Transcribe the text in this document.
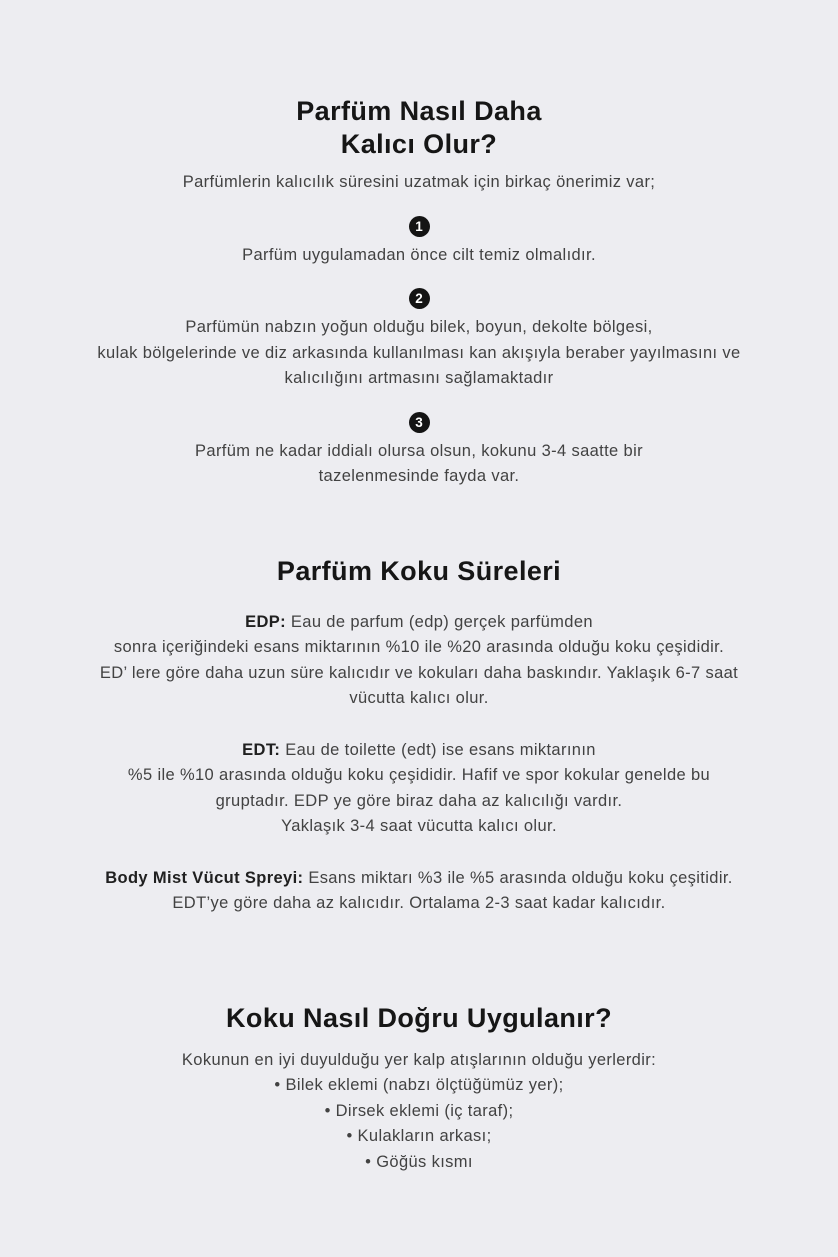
Parfüm Nasıl Daha
Kalıcı Olur?

Parfümlerin kalıcılık süresini uzatmak için birkaç önerimiz var;

1
Parfüm uygulamadan önce cilt temiz olmalıdır.
2
Parfümün nabzın yoğun olduğu bilek, boyun, dekolte bölgesi,
kulak bölgelerinde ve diz arkasında kullanılması kan akışıyla beraber yayılmasını ve
kalıcılığını artmasını sağlamaktadır
3
Parfüm ne kadar iddialı olursa olsun, kokunu 3-4 saatte bir
tazelenmesinde fayda var.
Parfüm Koku Süreleri

EDP: Eau de parfum (edp) gerçek parfümden
sonra içeriğindeki esans miktarının %10 ile %20 arasında olduğu koku çeşididir.
ED’ lere göre daha uzun süre kalıcıdır ve kokuları daha baskındır. Yaklaşık 6-7 saat
vücutta kalıcı olur.

EDT: Eau de toilette (edt) ise esans miktarının
%5 ile %10 arasında olduğu koku çeşididir. Hafif ve spor kokular genelde bu
gruptadır. EDP ye göre biraz daha az kalıcılığı vardır.
Yaklaşık 3-4 saat vücutta kalıcı olur.

Body Mist Vücut Spreyi: Esans miktarı %3 ile %5 arasında olduğu koku çeşitidir.
EDT’ye göre daha az kalıcıdır. Ortalama 2-3 saat kadar kalıcıdır.

Koku Nasıl Doğru Uygulanır?

Kokunun en iyi duyulduğu yer kalp atışlarının olduğu yerlerdir:

• Bilek eklemi (nabzı ölçtüğümüz yer);
• Dirsek eklemi (iç taraf);
• Kulakların arkası;
• Göğüs kısmı
